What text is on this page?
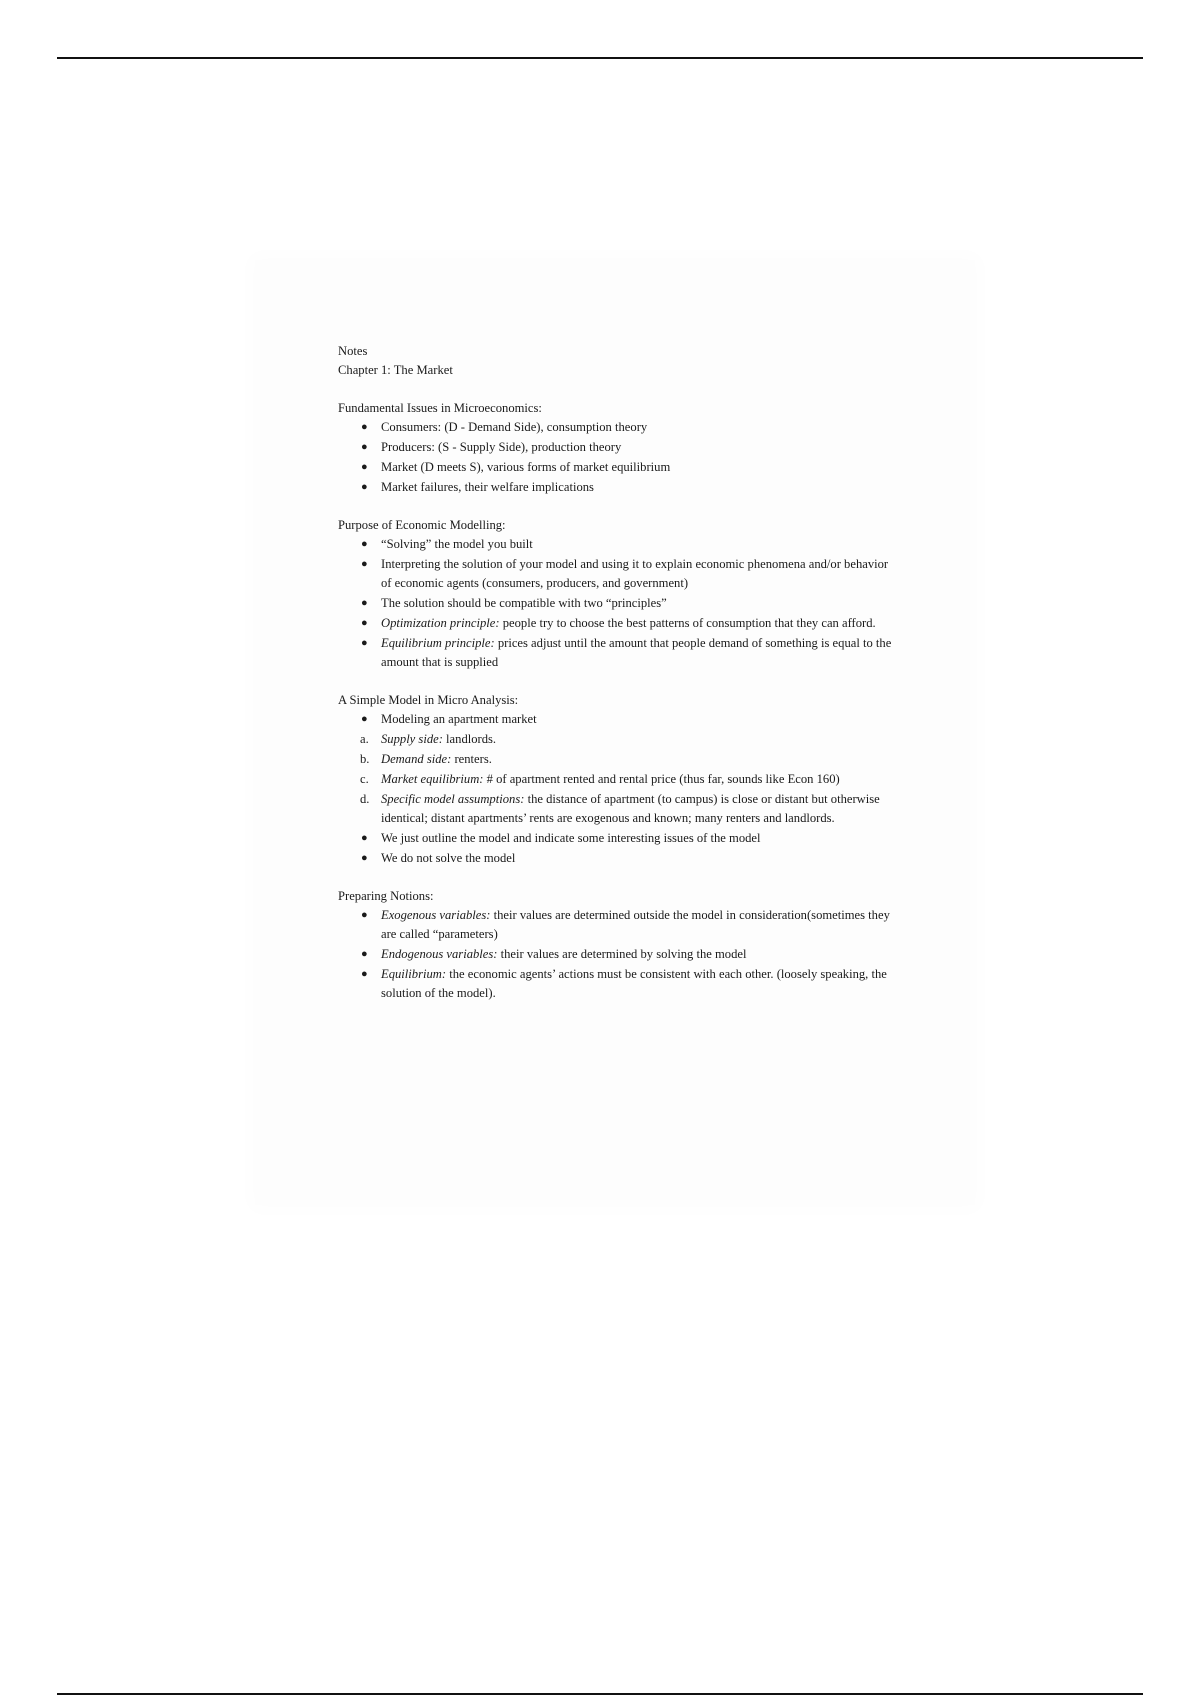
Notes

Chapter 1: The Market

Fundamental Issues in Microeconomics:

● Consumers: (D - Demand Side), consumption theory
● Producers: (S - Supply Side), production theory
● Market (D meets S), various forms of market equilibrium
● Market failures, their welfare implications

Purpose of Economic Modelling:

● “Solving” the model you built
● Interpreting the solution of your model and using it to explain economic phenomena and/or behavior of economic agents (consumers, producers, and government)
● The solution should be compatible with two “principles”
● Optimization principle: people try to choose the best patterns of consumption that they can afford.
● Equilibrium principle: prices adjust until the amount that people demand of something is equal to the amount that is supplied

A Simple Model in Micro Analysis:

● Modeling an apartment market
a. Supply side: landlords.
b. Demand side: renters.
c. Market equilibrium: # of apartment rented and rental price (thus far, sounds like Econ 160)
d. Specific model assumptions: the distance of apartment (to campus) is close or distant but otherwise identical; distant apartments’ rents are exogenous and known; many renters and landlords.
● We just outline the model and indicate some interesting issues of the model
● We do not solve the model

Preparing Notions:

● Exogenous variables: their values are determined outside the model in consideration(sometimes they are called “parameters)
● Endogenous variables: their values are determined by solving the model
● Equilibrium: the economic agents’ actions must be consistent with each other. (loosely speaking, the solution of the model).
